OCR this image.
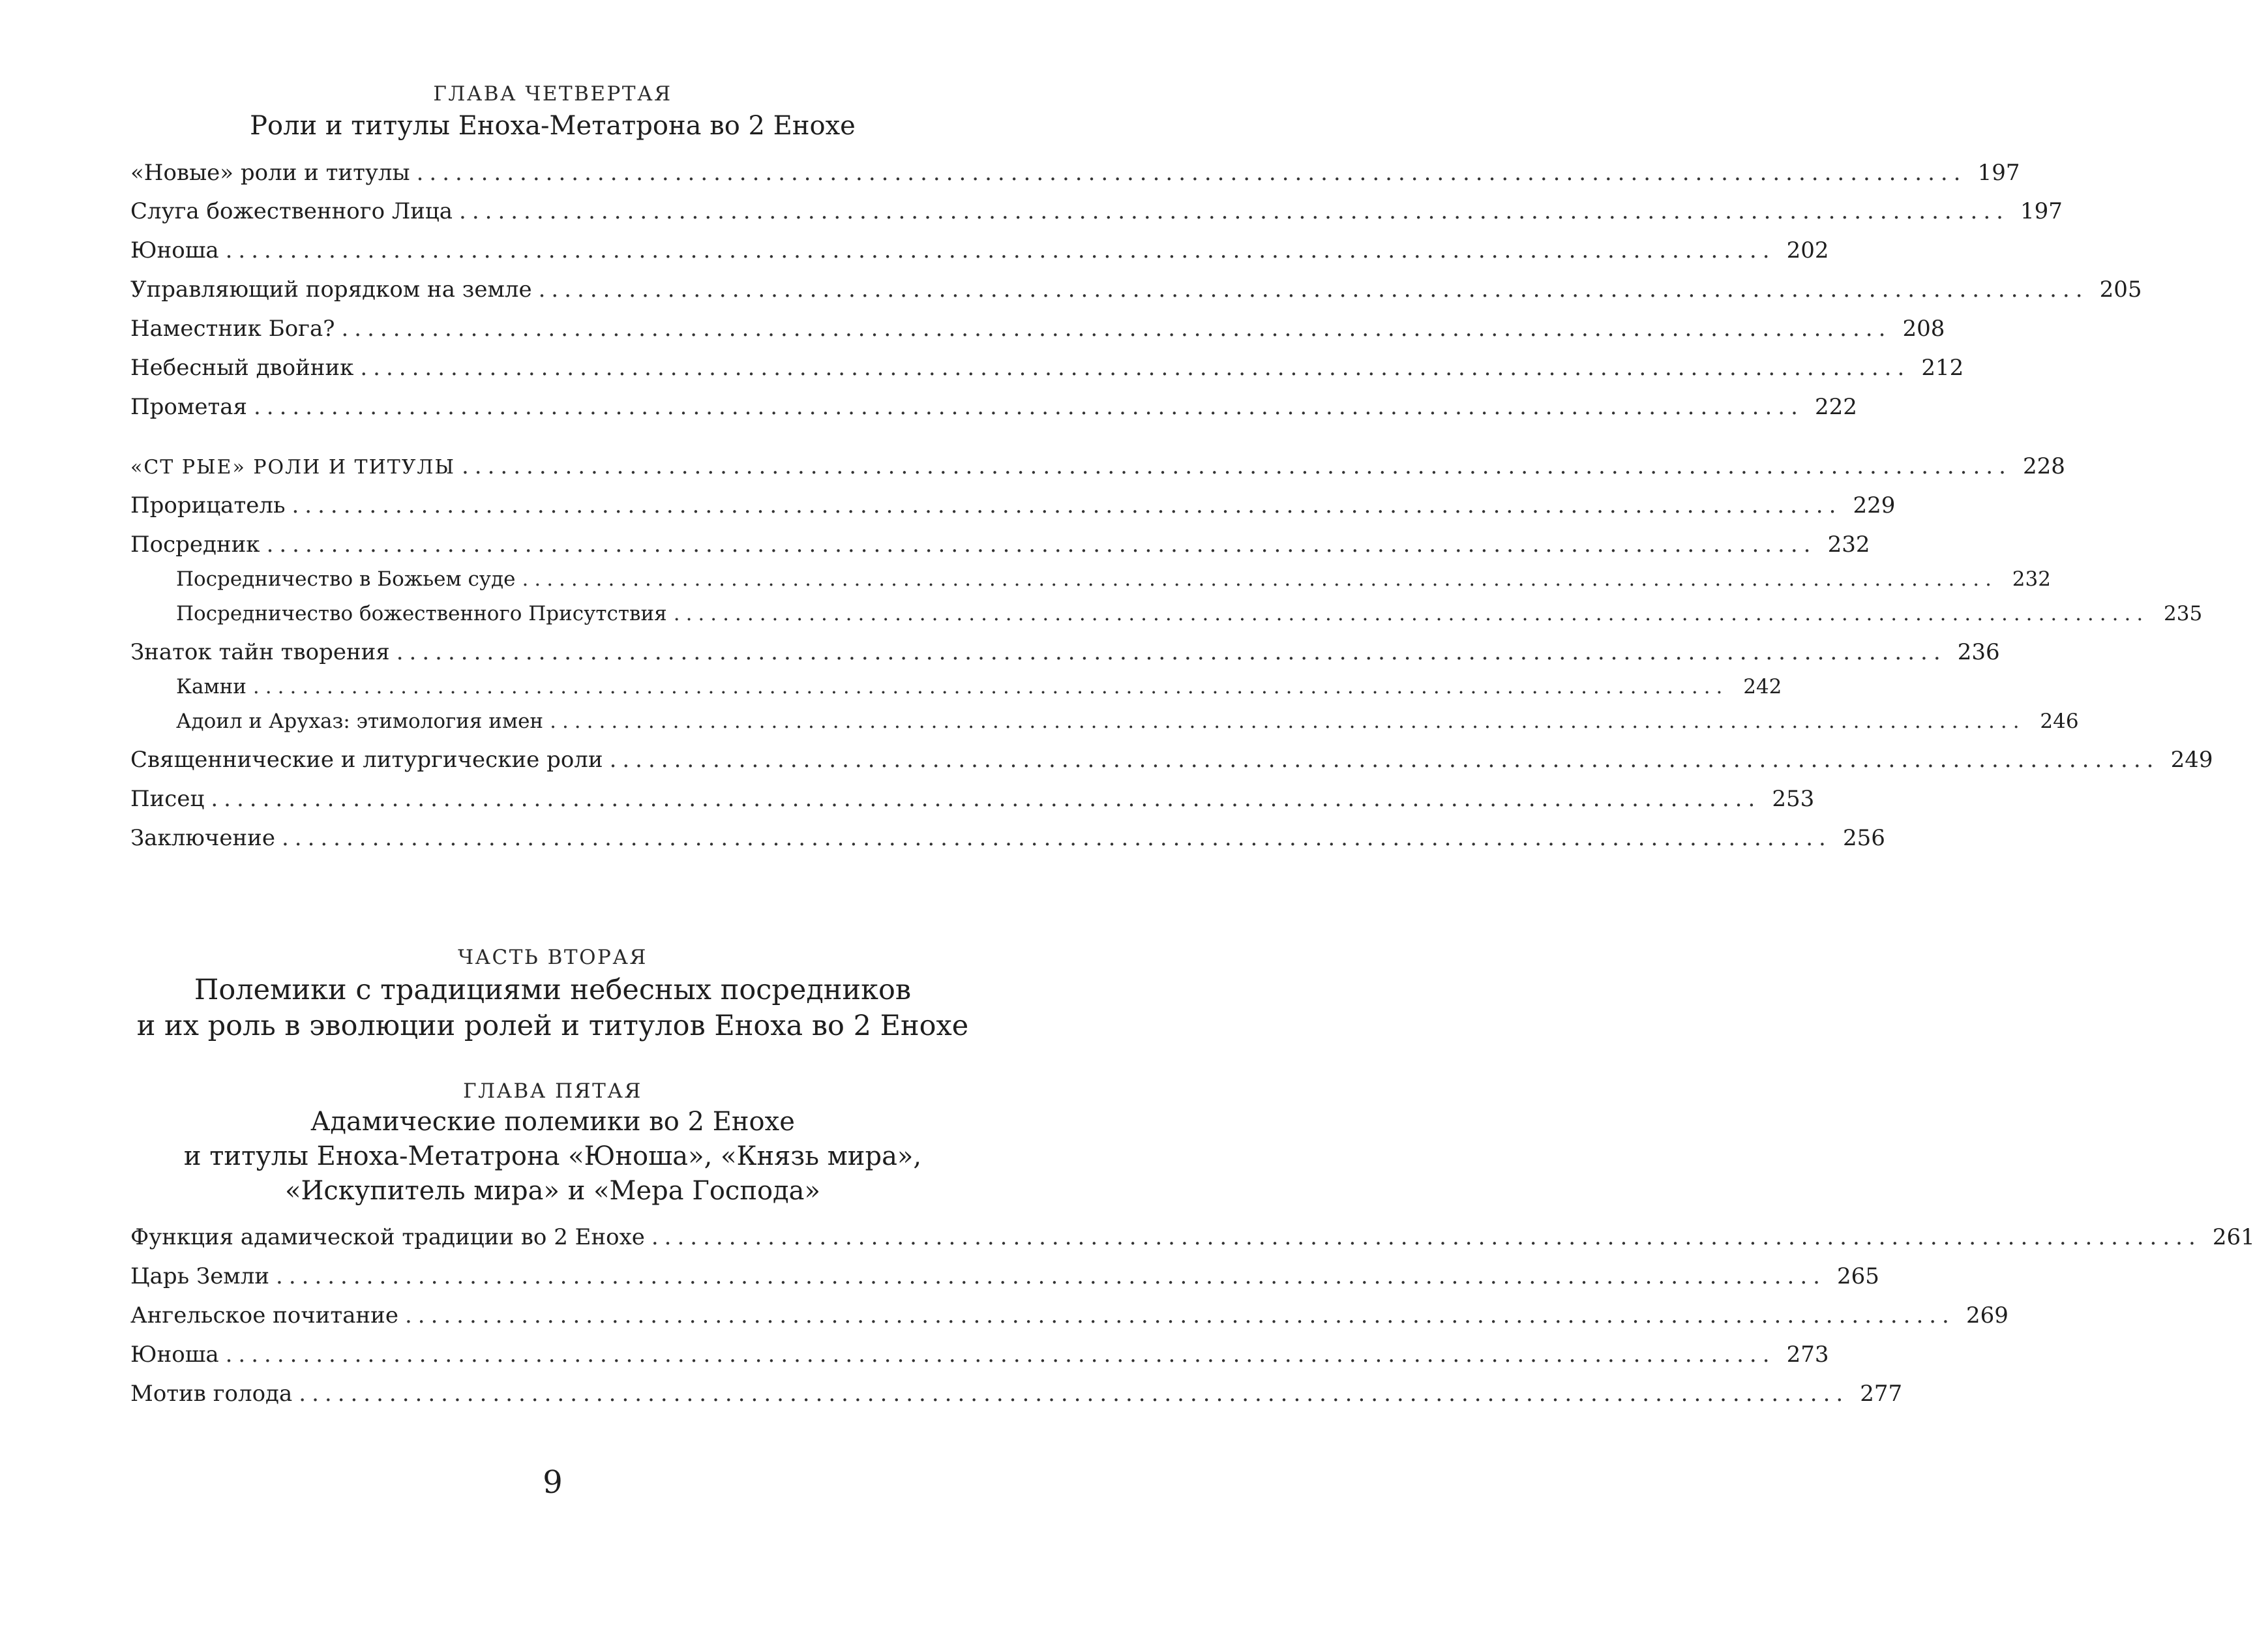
ГЛАВА ЧЕТВЕРТАЯ
Роли и титулы Еноха-Метатрона во 2 Енохе
«Новые» роли и титулы ........................................................................................................................ 197
Слуга божественного Лица ........................................................................................................................ 197
Юноша ........................................................................................................................ 202
Управляющий порядком на земле ........................................................................................................................ 205
Наместник Бога? ........................................................................................................................ 208
Небесный двойник ........................................................................................................................ 212
Прометая ........................................................................................................................ 222
«СТ РЫЕ» РОЛИ И ТИТУЛЫ ........................................................................................................................ 228
Прорицатель ........................................................................................................................ 229
Посредник ........................................................................................................................ 232
Посредничество в Божьем суде ........................................................................................................................ 232
Посредничество божественного Присутствия ........................................................................................................................ 235
Знаток тайн творения ........................................................................................................................ 236
Камни ........................................................................................................................ 242
Адоил и Аруxаз: этимология имен ........................................................................................................................ 246
Священнические и литургические роли ........................................................................................................................ 249
Писец ........................................................................................................................ 253
Заключение ........................................................................................................................ 256
ЧАСТЬ ВТОРАЯ
Полемики с традициями небесных посредников
и их роль в эволюции ролей и титулов Еноха во 2 Енохе
ГЛАВА ПЯТАЯ
Адамические полемики во 2 Енохе
и титулы Еноха-Метатрона «Юноша», «Князь мира»,
«Искупитель мира» и «Мера Господа»
Функция адамической традиции во 2 Енохе ........................................................................................................................ 261
Царь Земли ........................................................................................................................ 265
Ангельское почитание ........................................................................................................................ 269
Юноша ........................................................................................................................ 273
Мотив голода ........................................................................................................................ 277
9
